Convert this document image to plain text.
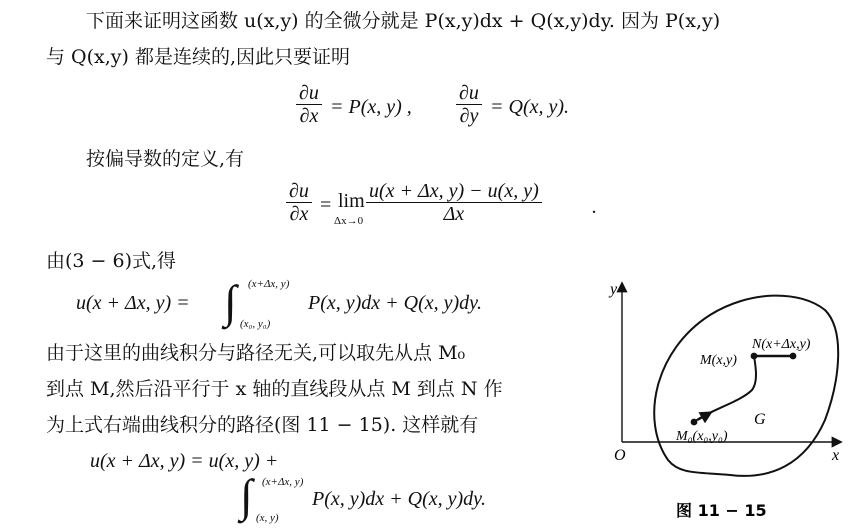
下面来证明这函数 u(x,y) 的全微分就是 P(x,y)dx + Q(x,y)dy. 因为 P(x,y)
与 Q(x,y) 都是连续的,因此只要证明
∂u
∂x = P(x, y) ,
∂u
∂y = Q(x, y).
按偏导数的定义,有
∂u
∂x = lim
Δx→0
u(x + Δx, y) − u(x, y)
Δx	.
由(3 − 6)式,得
u(x + Δx, y) = ∫ (x+Δx, y)
(x₀, y₀)
P(x, y)dx + Q(x, y)dy.
由于这里的曲线积分与路径无关,可以取先从点 M₀
到点 M,然后沿平行于 x 轴的直线段从点 M 到点 N 作
为上式右端曲线积分的路径(图 11 − 15). 这样就有
u(x + Δx, y) = u(x, y) +
∫ (x+Δx, y)
(x, y)
P(x, y)dx + Q(x, y)dy.
y
x
O
N(x+Δx,y)
M(x,y)
M₀(x₀,y₀)
G
图 11 − 15
